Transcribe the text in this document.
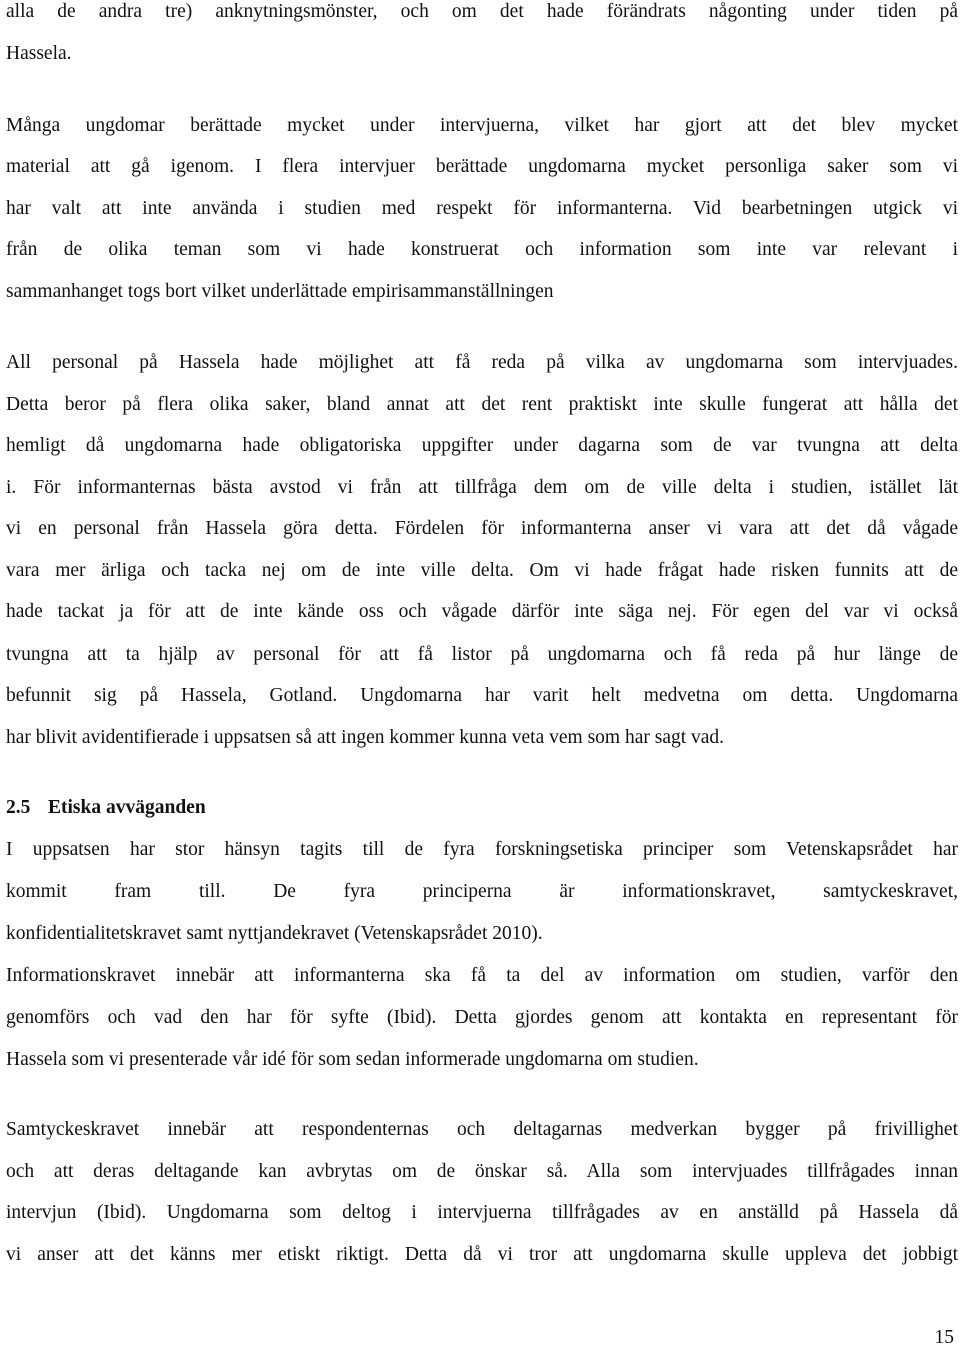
alla de andra tre) anknytningsmönster, och om det hade förändrats någonting under tiden på
Hassela.
Många ungdomar berättade mycket under intervjuerna, vilket har gjort att det blev mycket
material att gå igenom. I flera intervjuer berättade ungdomarna mycket personliga saker som vi
har valt att inte använda i studien med respekt för informanterna. Vid bearbetningen utgick vi
från de olika teman som vi hade konstruerat och information som inte var relevant i
sammanhanget togs bort vilket underlättade empirisammanställningen
All personal på Hassela hade möjlighet att få reda på vilka av ungdomarna som intervjuades.
Detta beror på flera olika saker, bland annat att det rent praktiskt inte skulle fungerat att hålla det
hemligt då ungdomarna hade obligatoriska uppgifter under dagarna som de var tvungna att delta
i. För informanternas bästa avstod vi från att tillfråga dem om de ville delta i studien, istället lät
vi en personal från Hassela göra detta. Fördelen för informanterna anser vi vara att det då vågade
vara mer ärliga och tacka nej om de inte ville delta. Om vi hade frågat hade risken funnits att de
hade tackat ja för att de inte kände oss och vågade därför inte säga nej. För egen del var vi också
tvungna att ta hjälp av personal för att få listor på ungdomarna och få reda på hur länge de
befunnit sig på Hassela, Gotland. Ungdomarna har varit helt medvetna om detta. Ungdomarna
har blivit avidentifierade i uppsatsen så att ingen kommer kunna veta vem som har sagt vad.
2.5 Etiska avväganden
I uppsatsen har stor hänsyn tagits till de fyra forskningsetiska principer som Vetenskapsrådet har
kommit fram till. De fyra principerna är informationskravet, samtyckeskravet,
konfidentialitetskravet samt nyttjandekravet (Vetenskapsrådet 2010).
Informationskravet innebär att informanterna ska få ta del av information om studien, varför den
genomförs och vad den har för syfte (Ibid). Detta gjordes genom att kontakta en representant för
Hassela som vi presenterade vår idé för som sedan informerade ungdomarna om studien.
Samtyckeskravet innebär att respondenternas och deltagarnas medverkan bygger på frivillighet
och att deras deltagande kan avbrytas om de önskar så. Alla som intervjuades tillfrågades innan
intervjun (Ibid). Ungdomarna som deltog i intervjuerna tillfrågades av en anställd på Hassela då
vi anser att det känns mer etiskt riktigt. Detta då vi tror att ungdomarna skulle uppleva det jobbigt
15
